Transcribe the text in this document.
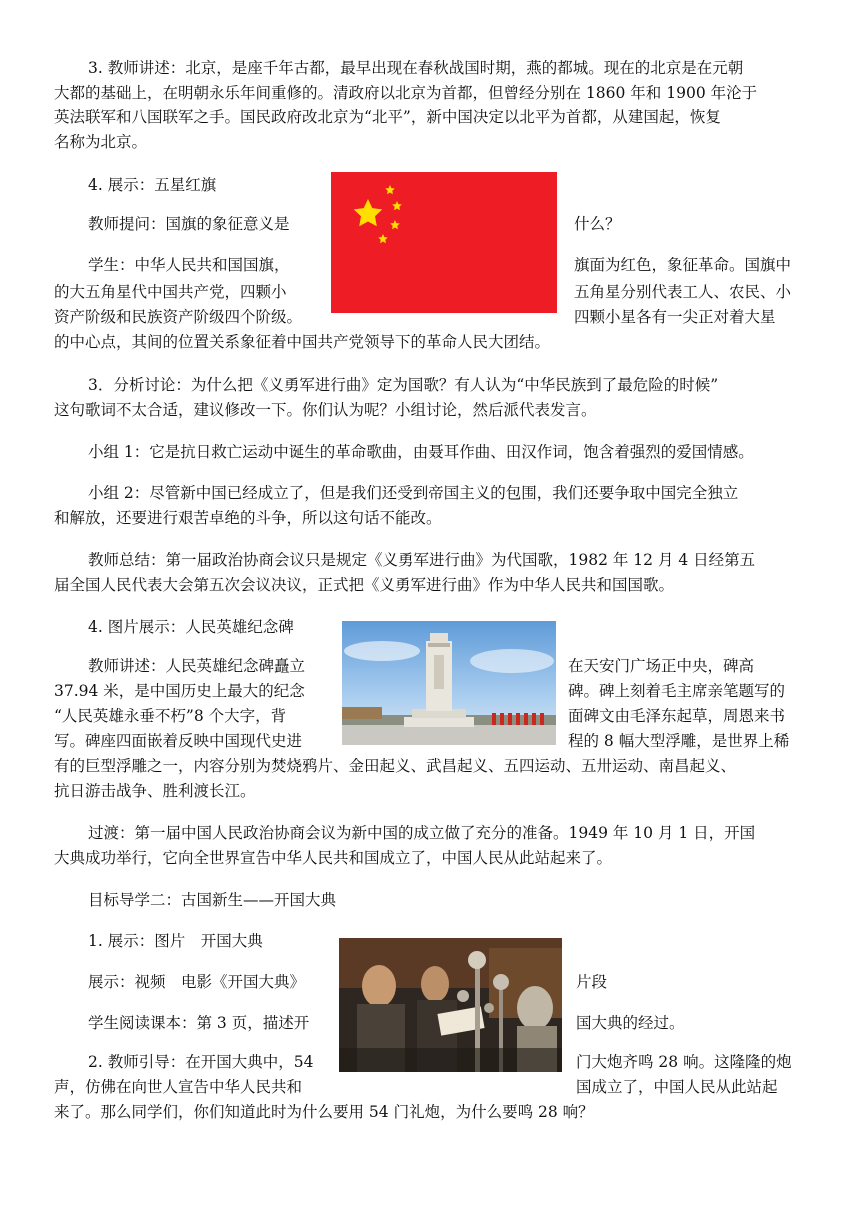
3. 教师讲述：北京，是座千年古都，最早出现在春秋战国时期，燕的都城。现在的北京是在元朝
大都的基础上，在明朝永乐年间重修的。清政府以北京为首都，但曾经分别在 1860 年和 1900 年沦于
英法联军和八国联军之手。国民政府改北京为“北平”，新中国决定以北平为首都，从建国起，恢复
名称为北京。
4. 展示：五星红旗
教师提问：国旗的象征意义是	什么？
学生：中华人民共和国国旗，	旗面为红色，象征革命。国旗中
的大五角星代中国共产党，四颗小	五角星分别代表工人、农民、小
资产阶级和民族资产阶级四个阶级。	四颗小星各有一尖正对着大星
的中心点，其间的位置关系象征着中国共产党领导下的革命人民大团结。
3．分析讨论：为什么把《义勇军进行曲》定为国歌？有人认为“中华民族到了最危险的时候”
这句歌词不太合适，建议修改一下。你们认为呢？小组讨论，然后派代表发言。
小组 1：它是抗日救亡运动中诞生的革命歌曲，由聂耳作曲、田汉作词，饱含着强烈的爱国情感。
小组 2：尽管新中国已经成立了，但是我们还受到帝国主义的包围，我们还要争取中国完全独立
和解放，还要进行艰苦卓绝的斗争，所以这句话不能改。
教师总结：第一届政治协商会议只是规定《义勇军进行曲》为代国歌，1982 年 12 月 4 日经第五
届全国人民代表大会第五次会议决议，正式把《义勇军进行曲》作为中华人民共和国国歌。
4. 图片展示：人民英雄纪念碑
教师讲述：人民英雄纪念碑矗立	在天安门广场正中央，碑高
37.94 米，是中国历史上最大的纪念	碑。碑上刻着毛主席亲笔题写的
“人民英雄永垂不朽”8 个大字，背	面碑文由毛泽东起草，周恩来书
写。碑座四面嵌着反映中国现代史进	程的 8 幅大型浮雕，是世界上稀
有的巨型浮雕之一，内容分别为焚烧鸦片、金田起义、武昌起义、五四运动、五卅运动、南昌起义、
抗日游击战争、胜利渡长江。
过渡：第一届中国人民政治协商会议为新中国的成立做了充分的准备。1949 年 10 月 1 日，开国
大典成功举行，它向全世界宣告中华人民共和国成立了，中国人民从此站起来了。
目标导学二：古国新生——开国大典
1. 展示：图片　开国大典
展示：视频　电影《开国大典》	片段
学生阅读课本：第 3 页，描述开	国大典的经过。
2. 教师引导：在开国大典中，54	门大炮齐鸣 28 响。这隆隆的炮
声，仿佛在向世人宣告中华人民共和	国成立了，中国人民从此站起
来了。那么同学们，你们知道此时为什么要用 54 门礼炮，为什么要鸣 28 响？
